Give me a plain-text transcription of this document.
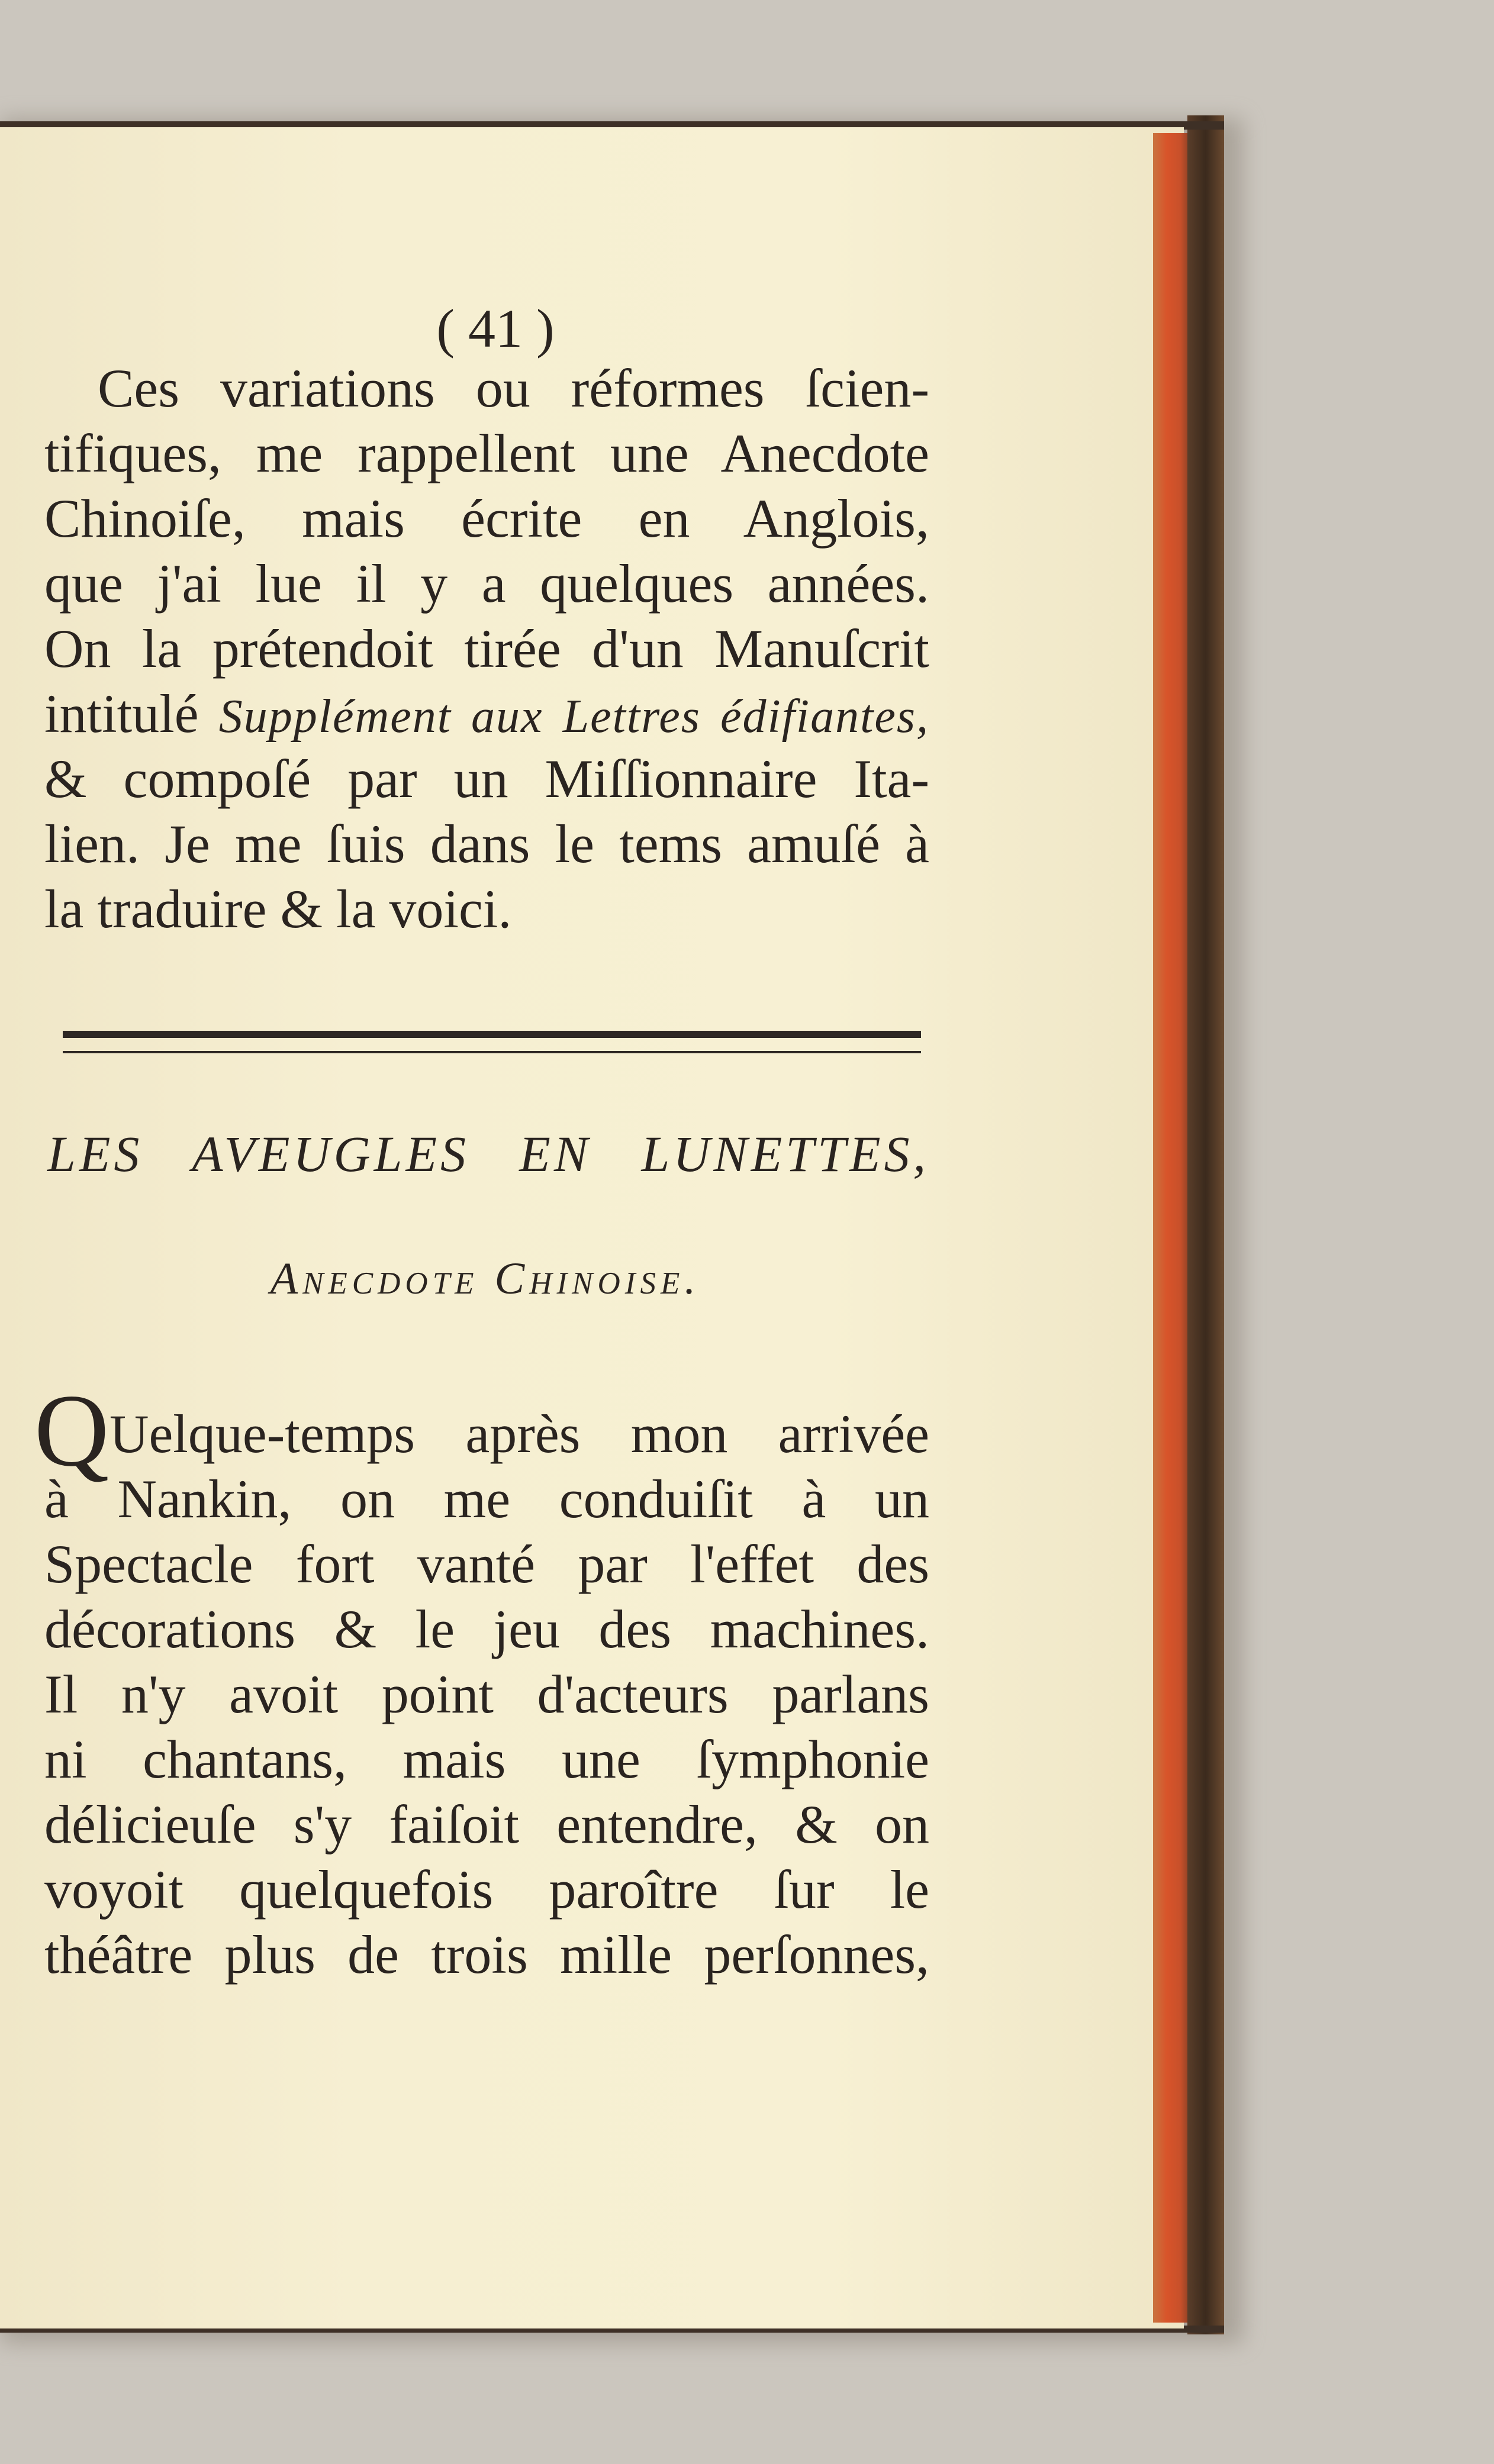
( 41 )
Ces variations ou réformes ſcien-
tifiques, me rappellent une Anecdote
Chinoiſe, mais écrite en Anglois,
que j'ai lue il y a quelques années.
On la prétendoit tirée d'un Manuſcrit
intitulé Supplément aux Lettres édifiantes,
& compoſé par un Miſſionnaire Ita-
lien. Je me ſuis dans le tems amuſé à
la traduire & la voici.
LES AVEUGLES EN LUNETTES,
Anecdote Chinoise.
Q Uelque-temps après mon arrivée
à Nankin, on me conduiſit à un
Spectacle fort vanté par l'effet des
décorations & le jeu des machines.
Il n'y avoit point d'acteurs parlans
ni chantans, mais une ſymphonie
délicieuſe s'y faiſoit entendre, & on
voyoit quelquefois paroître ſur le
théâtre plus de trois mille perſonnes,
